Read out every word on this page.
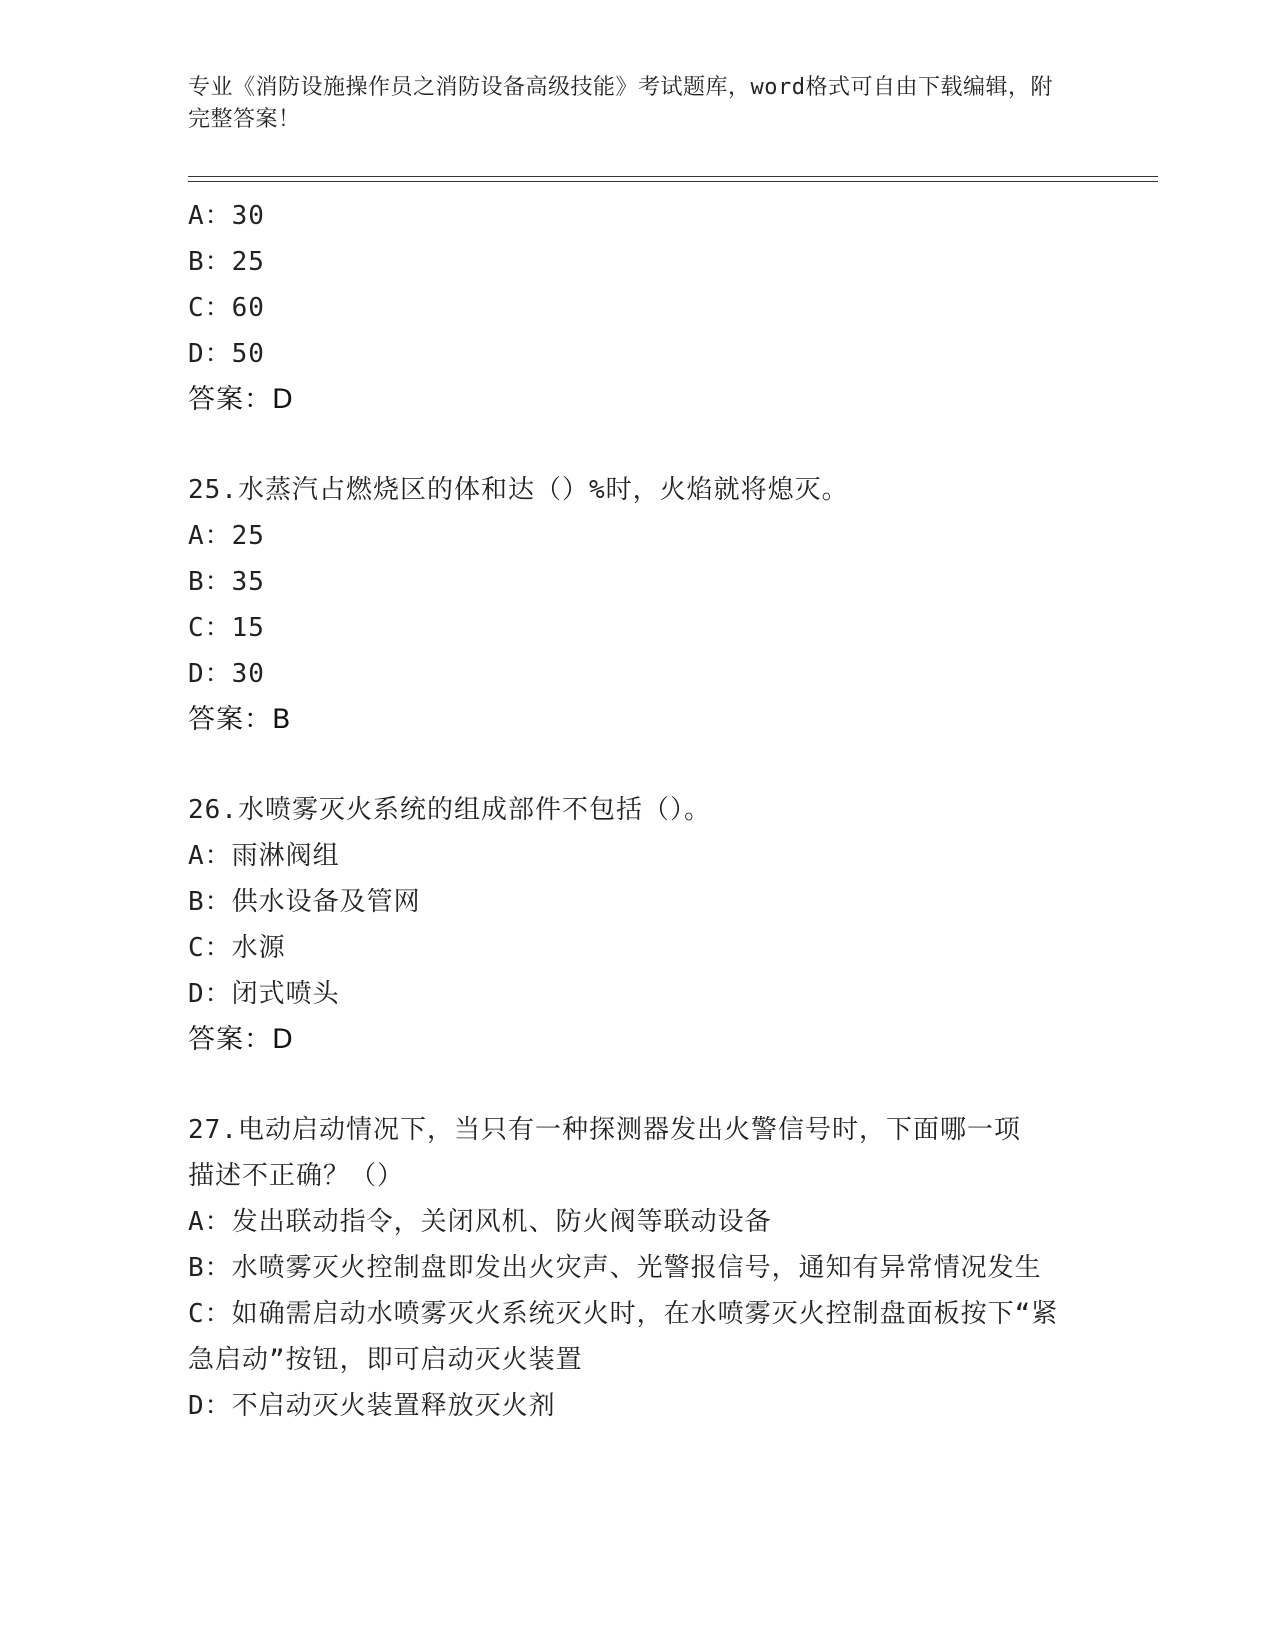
专业《消防设施操作员之消防设备高级技能》考试题库，word格式可自由下载编辑，附完整答案！
A：30
B：25
C：60
D：50
答案：D
25.水蒸汽占燃烧区的体和达（）%时，火焰就将熄灭。
A：25
B：35
C：15
D：30
答案：B
26.水喷雾灭火系统的组成部件不包括（）。
A：雨淋阀组
B：供水设备及管网
C：水源
D：闭式喷头
答案：D
27.电动启动情况下，当只有一种探测器发出火警信号时，下面哪一项
描述不正确？（）
A：发出联动指令，关闭风机、防火阀等联动设备
B：水喷雾灭火控制盘即发出火灾声、光警报信号，通知有异常情况发生
C：如确需启动水喷雾灭火系统灭火时，在水喷雾灭火控制盘面板按下“紧急启动”按钮，即可启动灭火装置
D：不启动灭火装置释放灭火剂
